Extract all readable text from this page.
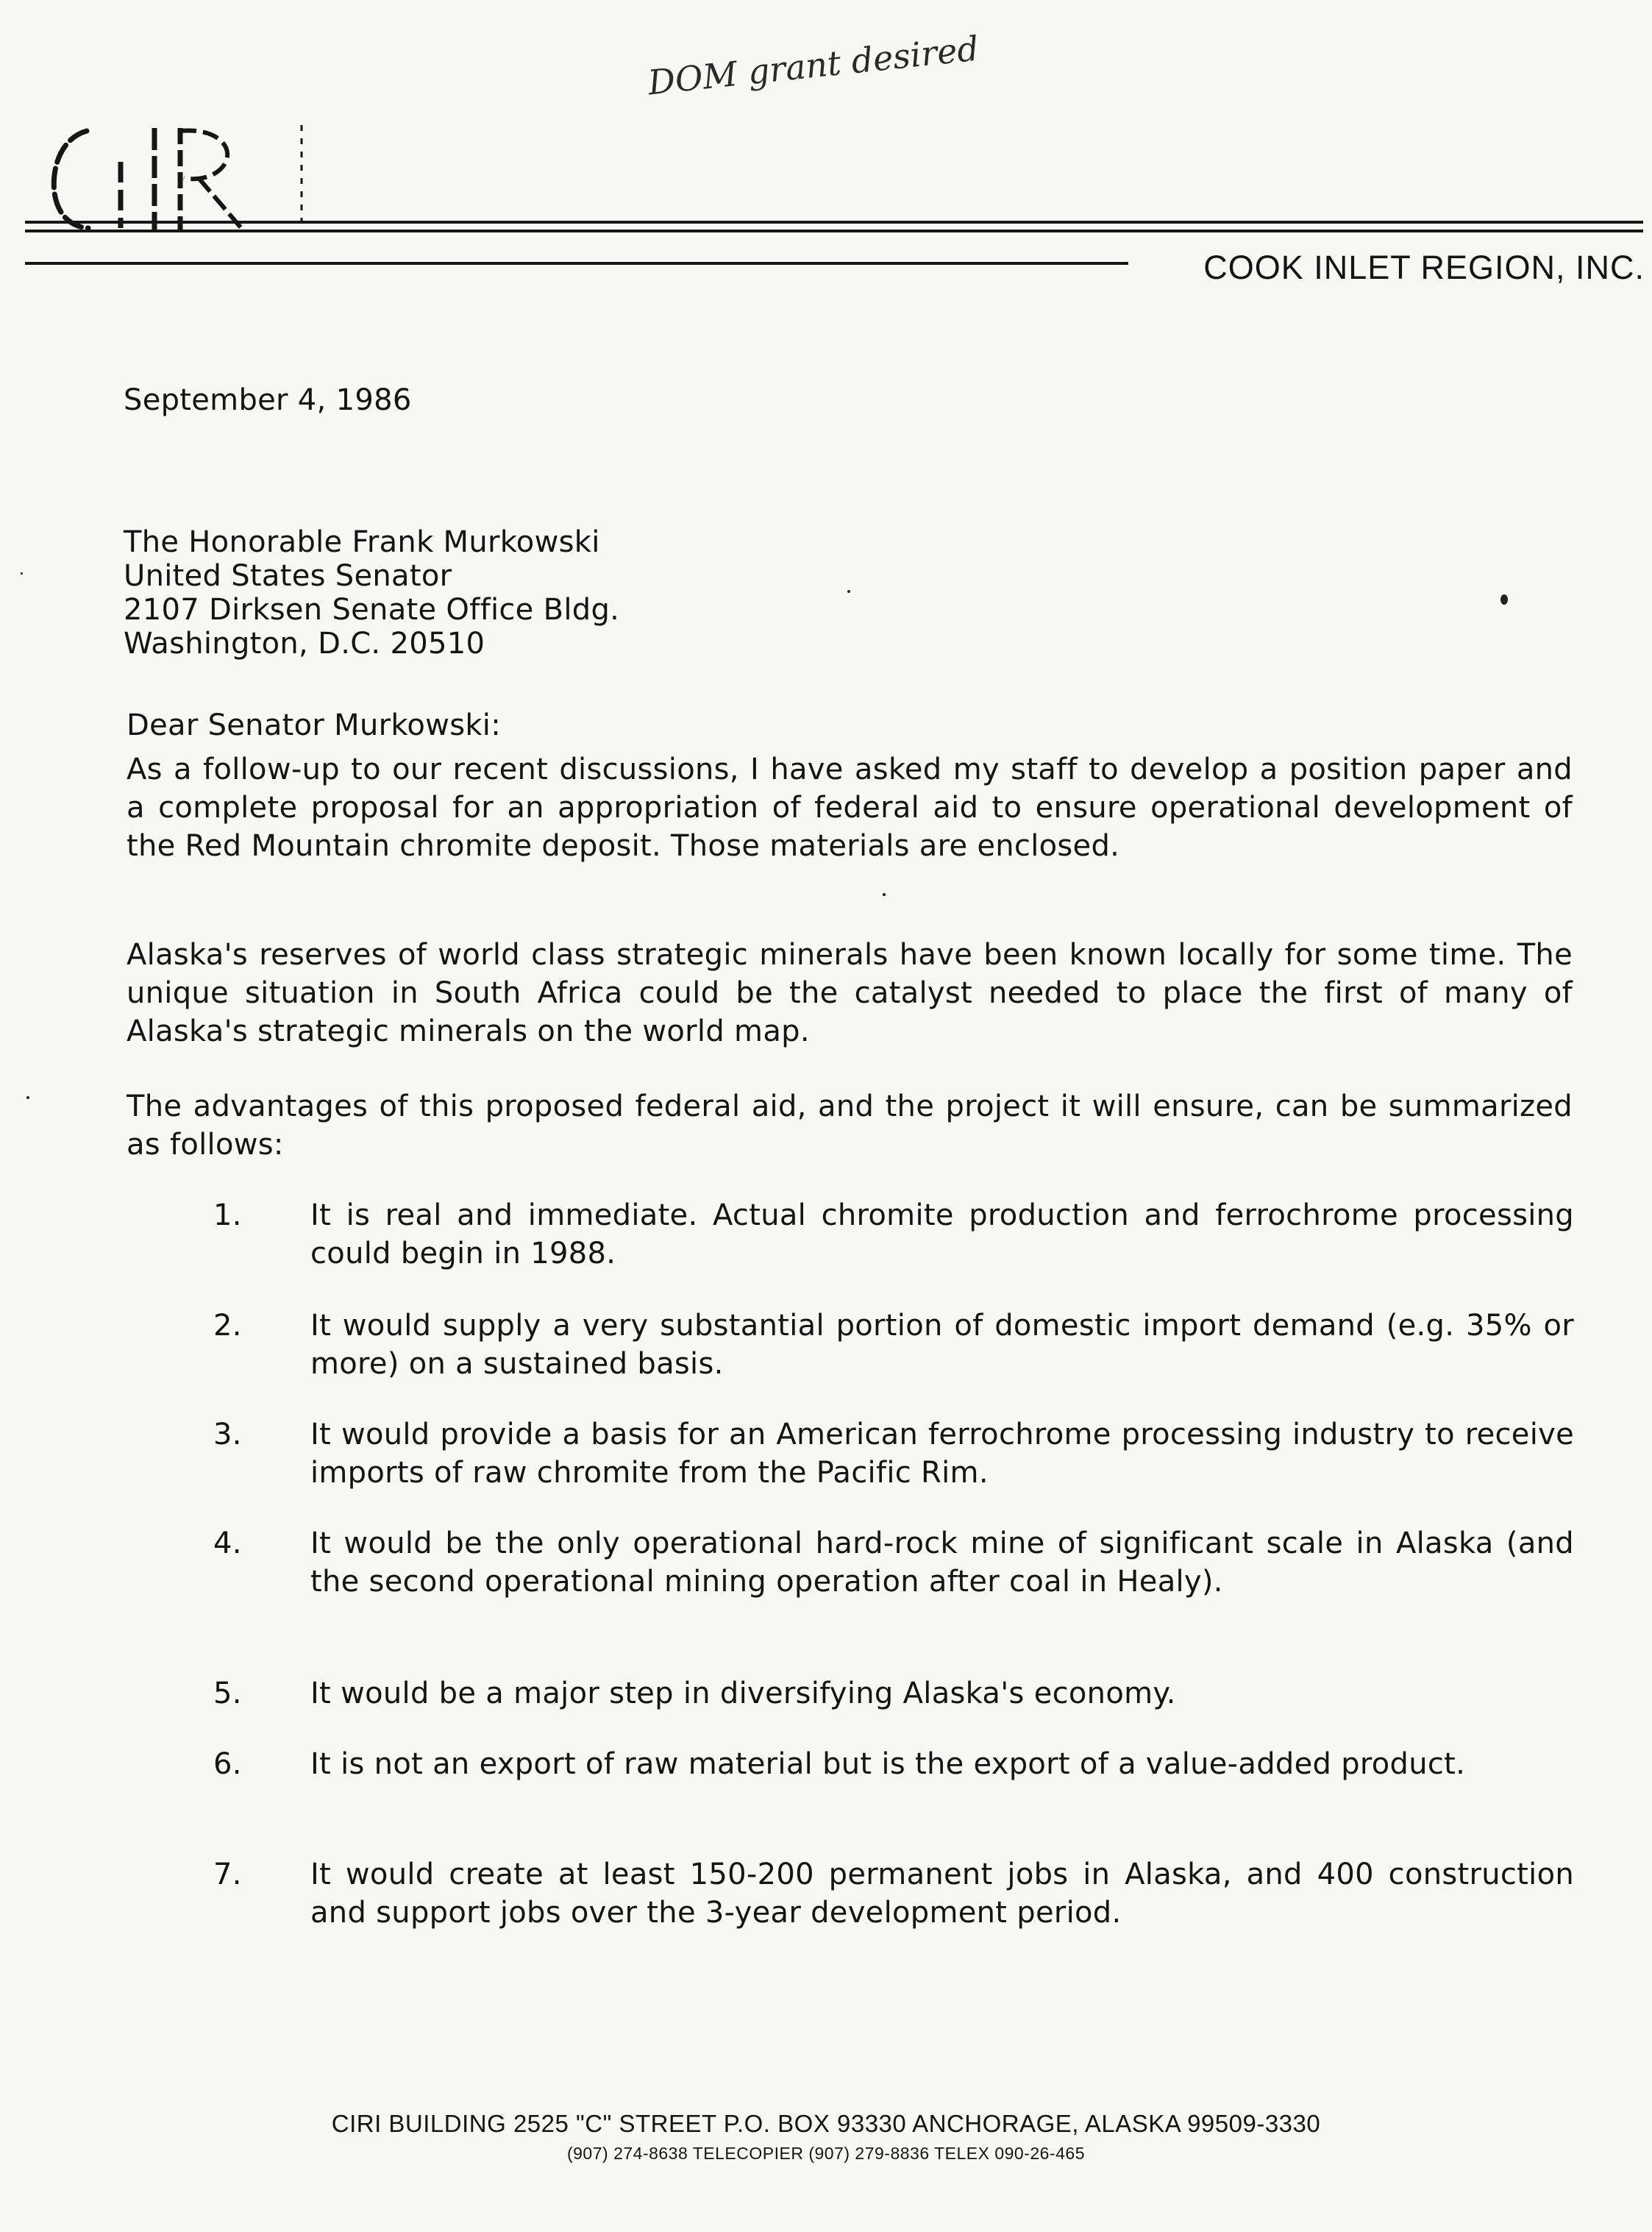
DOM grant desired
COOK INLET REGION, INC.
September 4, 1986
The Honorable Frank Murkowski
United States Senator
2107 Dirksen Senate Office Bldg.
Washington, D.C. 20510
Dear Senator Murkowski:
As a follow-up to our recent discussions, I have asked my staff to develop a position paper and a complete proposal for an appropriation of federal aid to ensure operational development of the Red Mountain chromite deposit. Those materials are enclosed.
Alaska's reserves of world class strategic minerals have been known locally for some time. The unique situation in South Africa could be the catalyst needed to place the first of many of Alaska's strategic minerals on the world map.
The advantages of this proposed federal aid, and the project it will ensure, can be summarized as follows:
1.	It is real and immediate. Actual chromite production and ferrochrome processing could begin in 1988.
2.	It would supply a very substantial portion of domestic import demand (e.g. 35% or more) on a sustained basis.
3.	It would provide a basis for an American ferrochrome processing industry to receive imports of raw chromite from the Pacific Rim.
4.	It would be the only operational hard-rock mine of significant scale in Alaska (and the second operational mining operation after coal in Healy).
5.	It would be a major step in diversifying Alaska's economy.
6.	It is not an export of raw material but is the export of a value-added product.
7.	It would create at least 150-200 permanent jobs in Alaska, and 400 construction and support jobs over the 3-year development period.
CIRI BUILDING 2525 "C" STREET P.O. BOX 93330 ANCHORAGE, ALASKA 99509-3330
(907) 274-8638 TELECOPIER (907) 279-8836 TELEX 090-26-465
